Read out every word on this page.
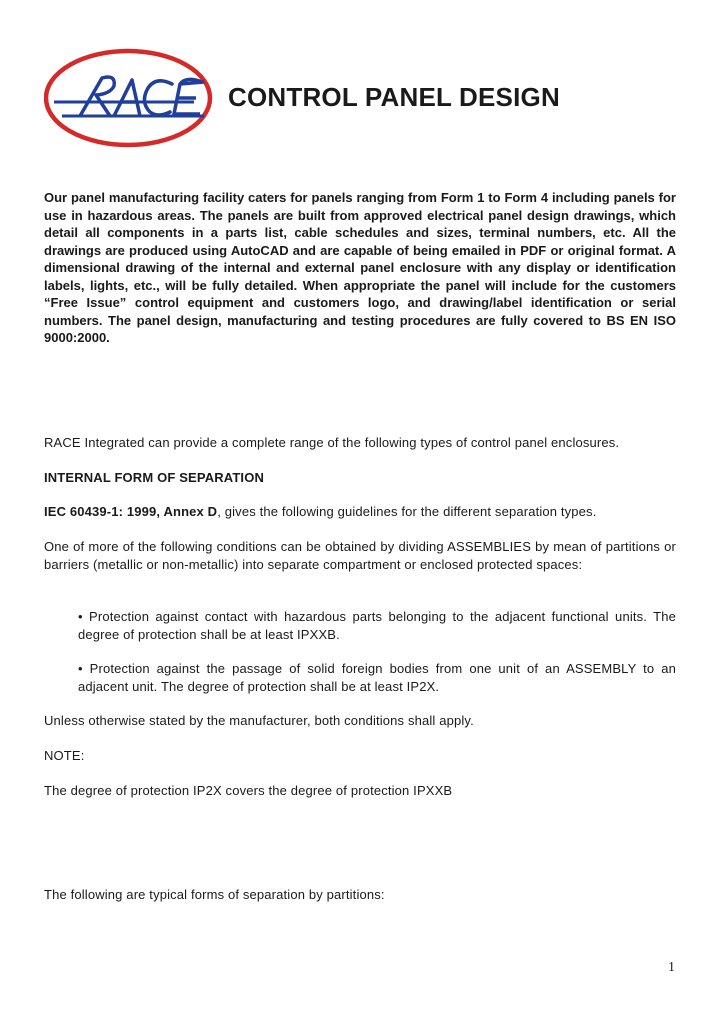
CONTROL PANEL DESIGN

Our panel manufacturing facility caters for panels ranging from Form 1 to Form 4 including panels for use in hazardous areas. The panels are built from approved electrical panel design drawings, which detail all components in a parts list, cable schedules and sizes, terminal numbers, etc. All the drawings are produced using AutoCAD and are capable of being emailed in PDF or original format. A dimensional drawing of the internal and external panel enclosure with any display or identification labels, lights, etc., will be fully detailed. When appropriate the panel will include for the customers “Free Issue” control equipment and customers logo, and drawing/label identification or serial numbers. The panel design, manufacturing and testing procedures are fully covered to BS EN ISO 9000:2000.

RACE Integrated can provide a complete range of the following types of control panel enclosures.

INTERNAL FORM OF SEPARATION

IEC 60439-1: 1999, Annex D, gives the following guidelines for the different separation types.

One of more of the following conditions can be obtained by dividing ASSEMBLIES by mean of partitions or barriers (metallic or non-metallic) into separate compartment or enclosed protected spaces:

• Protection against contact with hazardous parts belonging to the adjacent functional units. The degree of protection shall be at least IPXXB.

• Protection against the passage of solid foreign bodies from one unit of an ASSEMBLY to an adjacent unit. The degree of protection shall be at least IP2X.

Unless otherwise stated by the manufacturer, both conditions shall apply.

NOTE:

The degree of protection IP2X covers the degree of protection IPXXB

The following are typical forms of separation by partitions:

1
